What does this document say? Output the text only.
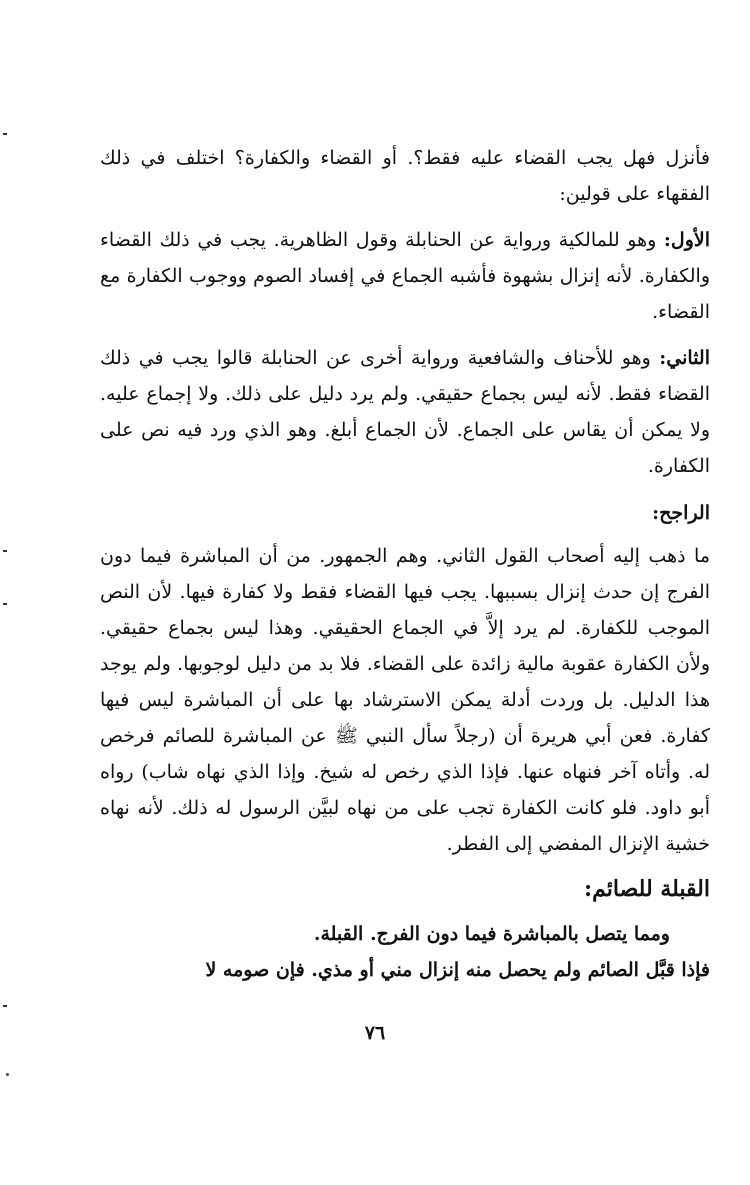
فأنزل فهل يجب القضاء عليه فقط؟. أو القضاء والكفارة؟ اختلف في ذلك الفقهاء على قولين:
الأول: وهو للمالكية ورواية عن الحنابلة وقول الظاهرية. يجب في ذلك القضاء والكفارة. لأنه إنزال بشهوة فأشبه الجماع في إفساد الصوم ووجوب الكفارة مع القضاء.
الثاني: وهو للأحناف والشافعية ورواية أخرى عن الحنابلة قالوا يجب في ذلك القضاء فقط. لأنه ليس بجماع حقيقي. ولم يرد دليل على ذلك. ولا إجماع عليه. ولا يمكن أن يقاس على الجماع. لأن الجماع أبلغ. وهو الذي ورد فيه نص على الكفارة.
الراجح:
ما ذهب إليه أصحاب القول الثاني. وهم الجمهور. من أن المباشرة فيما دون الفرج إن حدث إنزال بسببها. يجب فيها القضاء فقط ولا كفارة فيها. لأن النص الموجب للكفارة. لم يرد إلاَّ في الجماع الحقيقي. وهذا ليس بجماع حقيقي. ولأن الكفارة عقوبة مالية زائدة على القضاء. فلا بد من دليل لوجوبها. ولم يوجد هذا الدليل. بل وردت أدلة يمكن الاسترشاد بها على أن المباشرة ليس فيها كفارة. فعن أبي هريرة أن (رجلاً سأل النبي ﷺ عن المباشرة للصائم فرخص له. وأتاه آخر فنهاه عنها. فإذا الذي رخص له شيخ. وإذا الذي نهاه شاب) رواه أبو داود. فلو كانت الكفارة تجب على من نهاه لبيَّن الرسول له ذلك. لأنه نهاه خشية الإنزال المفضي إلى الفطر.
القبلة للصائم:
ومما يتصل بالمباشرة فيما دون الفرج. القبلة.
فإذا قبَّل الصائم ولم يحصل منه إنزال مني أو مذي. فإن صومه لا
٧٦
